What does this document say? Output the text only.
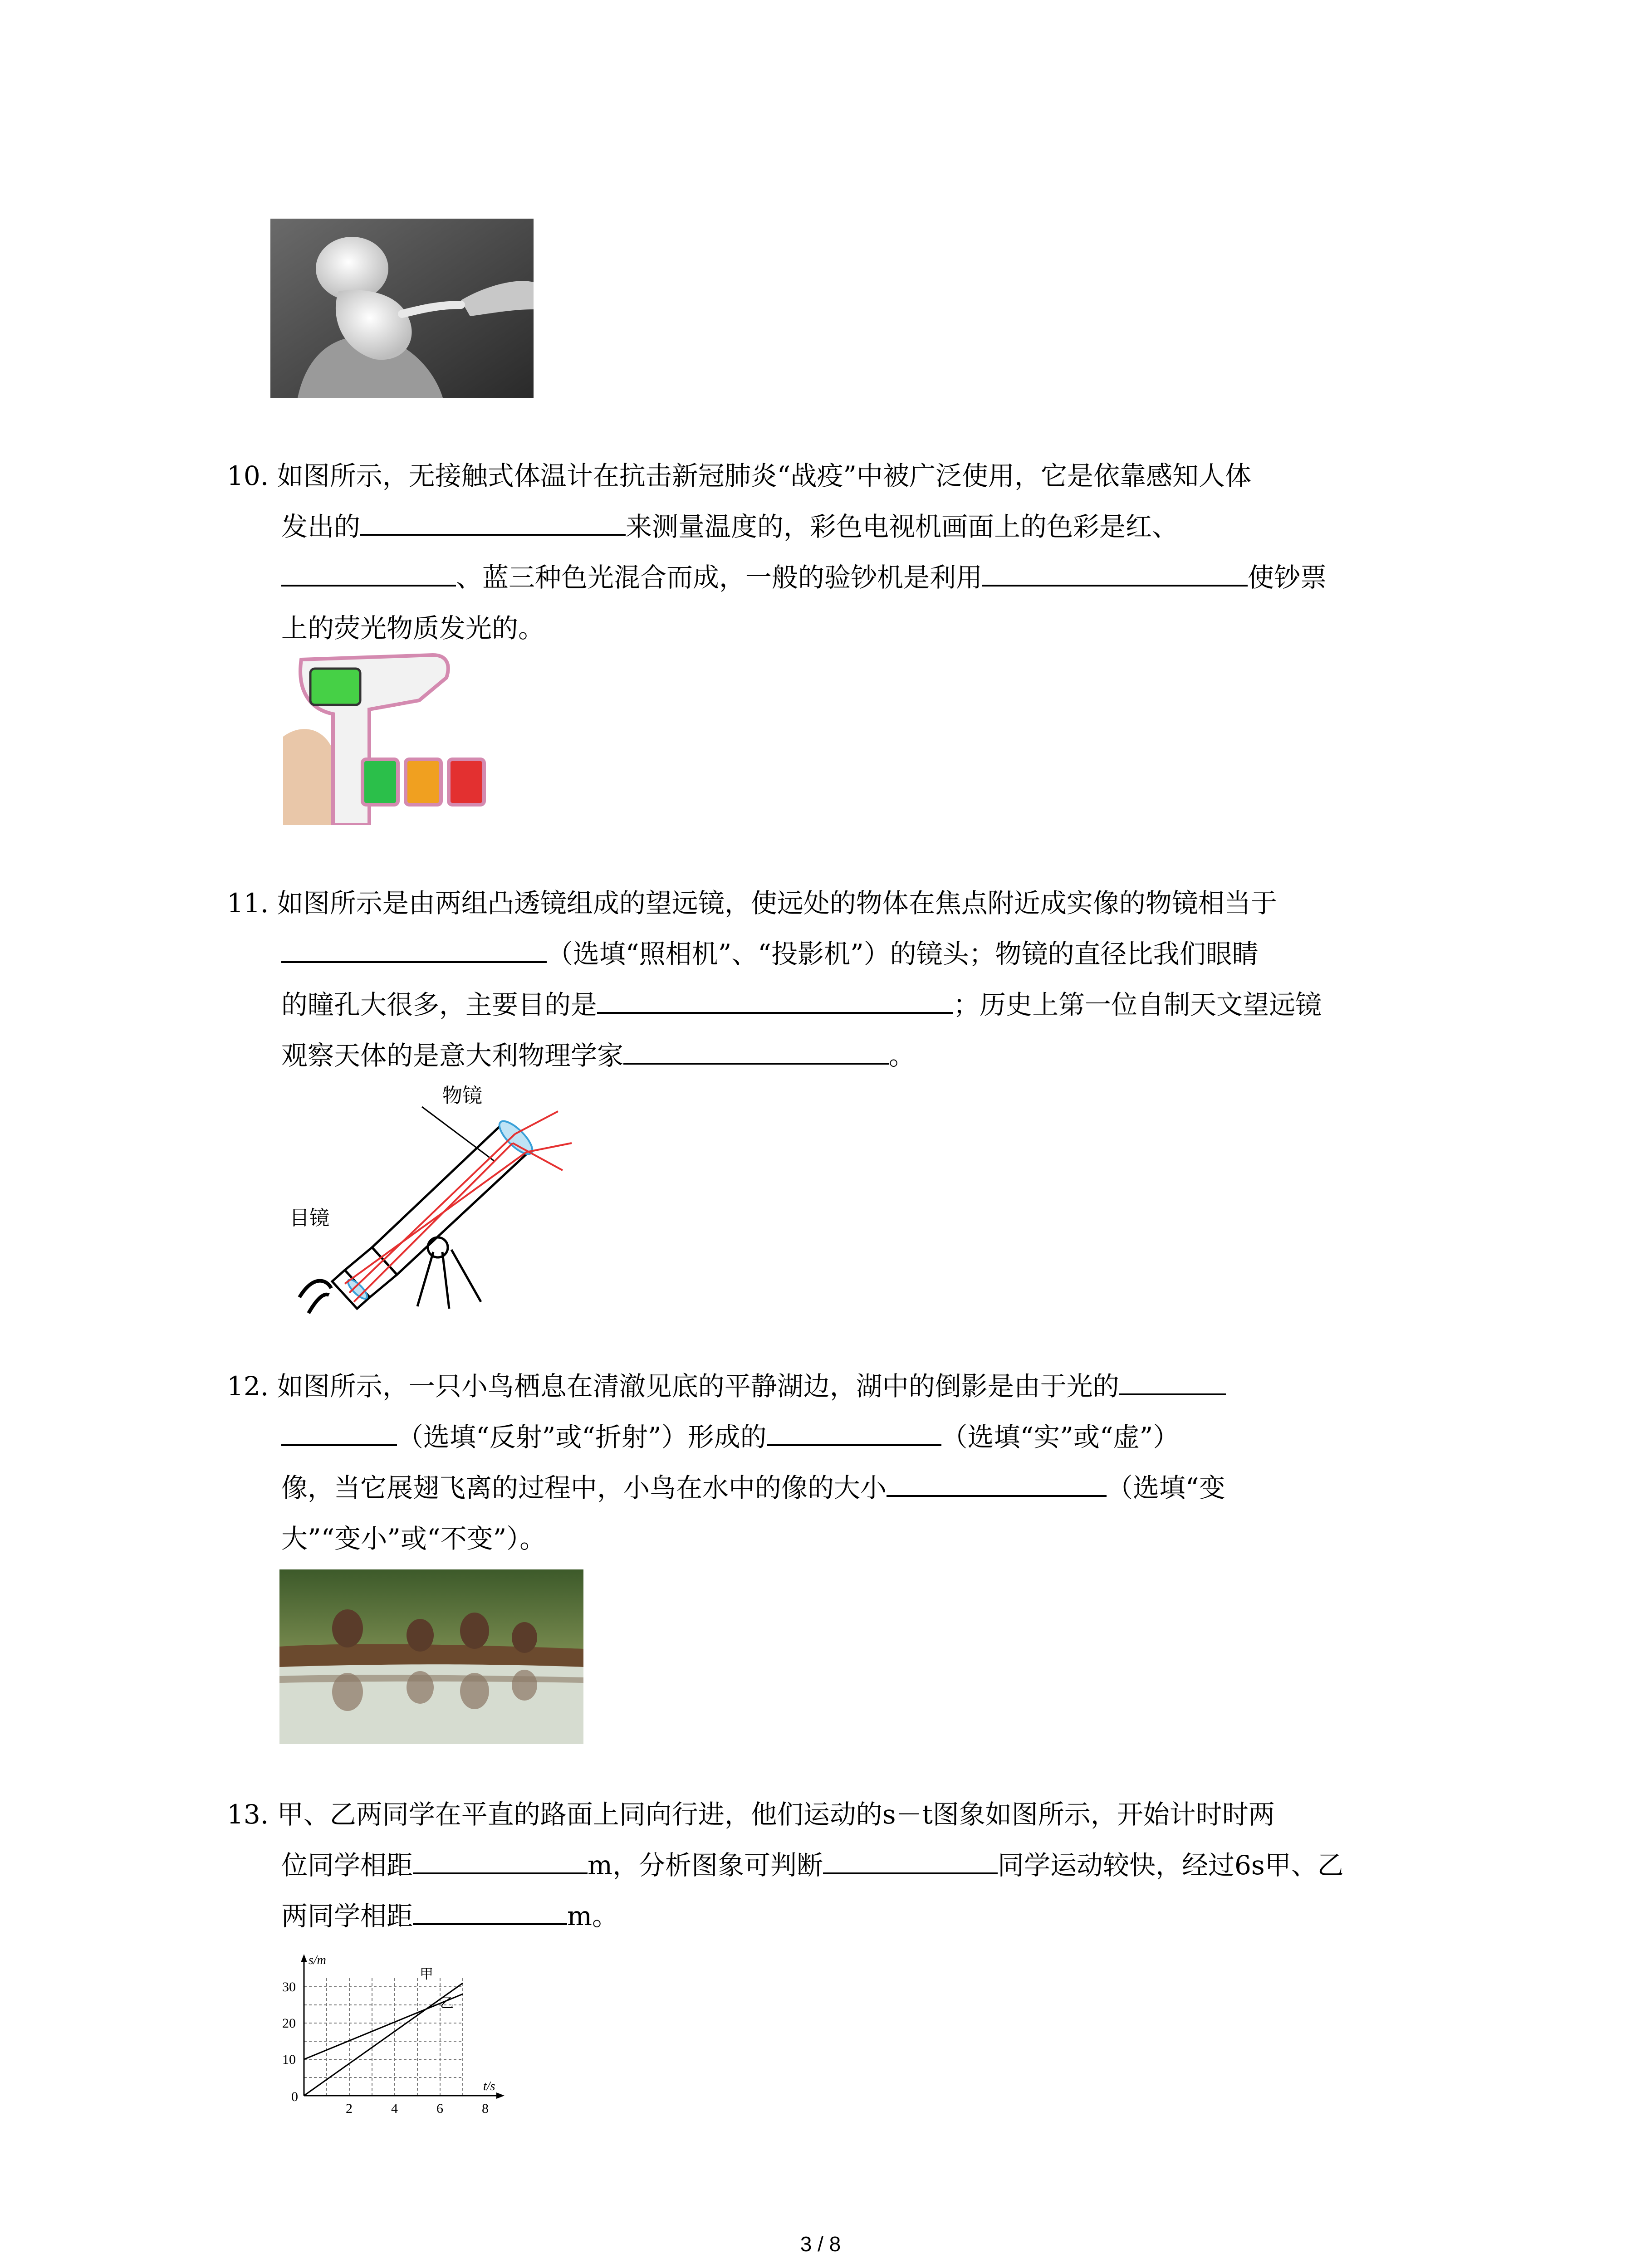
10. 如图所示，无接触式体温计在抗击新冠肺炎“战疫”中被广泛使用，它是依靠感知人体
发出的	来测量温度的，彩色电视机画面上的色彩是红、
、蓝三种色光混合而成，一般的验钞机是利用	使钞票
上的荧光物质发光的。
11. 如图所示是由两组凸透镜组成的望远镜，使远处的物体在焦点附近成实像的物镜相当于
（选填“照相机”、“投影机”）的镜头；物镜的直径比我们眼睛
的瞳孔大很多，主要目的是	；历史上第一位自制天文望远镜
观察天体的是意大利物理学家	。
物镜
目镜
12. 如图所示，一只小鸟栖息在清澈见底的平静湖边，湖中的倒影是由于光的
（选填“反射”或“折射”）形成的	（选填“实”或“虚”）
像，当它展翅飞离的过程中，小鸟在水中的像的大小	（选填“变
大”“变小”或“不变”）。
13. 甲、乙两同学在平直的路面上同向行进，他们运动的s－t图象如图所示，开始计时时两
位同学相距	m，分析图象可判断	同学运动较快，经过6s甲、乙
两同学相距	m。
0
2	4	6	8
10
20
30
s/m
t/s
甲
乙
3 / 8
